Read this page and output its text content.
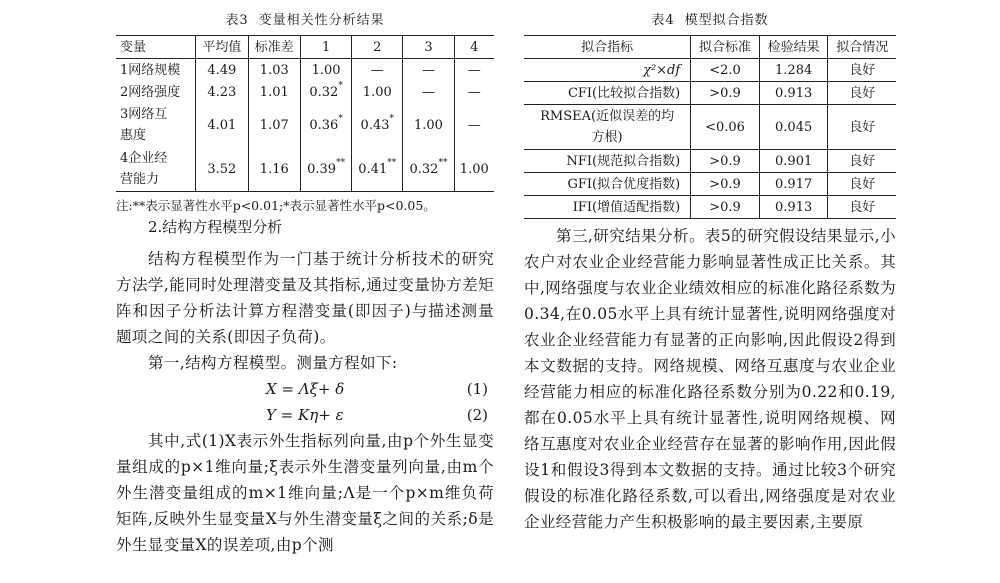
表3 变量相关性分析结果
变量	平均值	标准差	1	2	3	4
1网络规模	4.49	1.03	1.00	—	—	—
2网络强度	4.23	1.01	0.32*	1.00	—	—
3网络互
惠度	4.01	1.07	0.36*	0.43*	1.00	—
4企业经
营能力	3.52	1.16	0.39**	0.41**	0.32**	1.00
注:**表示显著性水平p<0.01;*表示显著性水平p<0.05。
2.结构方程模型分析

结构方程模型作为一门基于统计分析技术的研究方法学,能同时处理潜变量及其指标,通过变量协方差矩阵和因子分析法计算方程潜变量(即因子)与描述测量题项之间的关系(即因子负荷)。

第一,结构方程模型。测量方程如下:

X = Λξ+ δ	(1)
Y = Kη+ ε	(2)

其中,式(1)X表示外生指标列向量,由p个外生显变量组成的p×1维向量;ξ表示外生潜变量列向量,由m个外生潜变量组成的m×1维向量;Λ是一个p×m维负荷矩阵,反映外生显变量X与外生潜变量ξ之间的关系;δ是外生显变量X的误差项,由p个测

表4 模型拟合指数
拟合指标	拟合标准	检验结果	拟合情况
χ²×df	<2.0	1.284	良好
CFI(比较拟合指数)	>0.9	0.913	良好
RMSEA(近似误差的均
方根)	<0.06	0.045	良好
NFI(规范拟合指数)	>0.9	0.901	良好
GFI(拟合优度指数)	>0.9	0.917	良好
IFI(增值适配指数)	>0.9	0.913	良好

第三,研究结果分析。表5的研究假设结果显示,小农户对农业企业经营能力影响显著性成正比关系。其中,网络强度与农业企业绩效相应的标准化路径系数为0.34,在0.05水平上具有统计显著性,说明网络强度对农业企业经营能力有显著的正向影响,因此假设2得到本文数据的支持。网络规模、网络互惠度与农业企业经营能力相应的标准化路径系数分别为0.22和0.19,都在0.05水平上具有统计显著性,说明网络规模、网络互惠度对农业企业经营存在显著的影响作用,因此假设1和假设3得到本文数据的支持。通过比较3个研究假设的标准化路径系数,可以看出,网络强度是对农业企业经营能力产生积极影响的最主要因素,主要原
